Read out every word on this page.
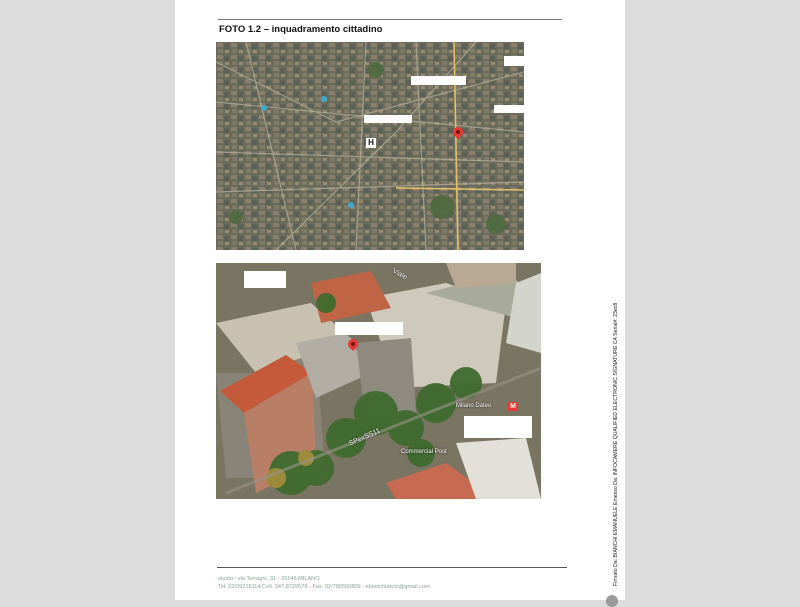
FOTO 1.2 – inquadramento cittadino
H
Viale
Milano Dateo	M
SPexSS11
Commercial Post
studio - via Terragni, 31 - 20146 MILANO
Tel. 02/39218114 Cell. 347.8729579 - Fax. 02/700550809 - ebianchiarchi@gmail.com
Firmato Da: BIANCHI EMANUELE Emesso Da: INFOCAMERE QUALIFIED ELECTRONIC SIGNATURE CA Serial#: 23ec8
